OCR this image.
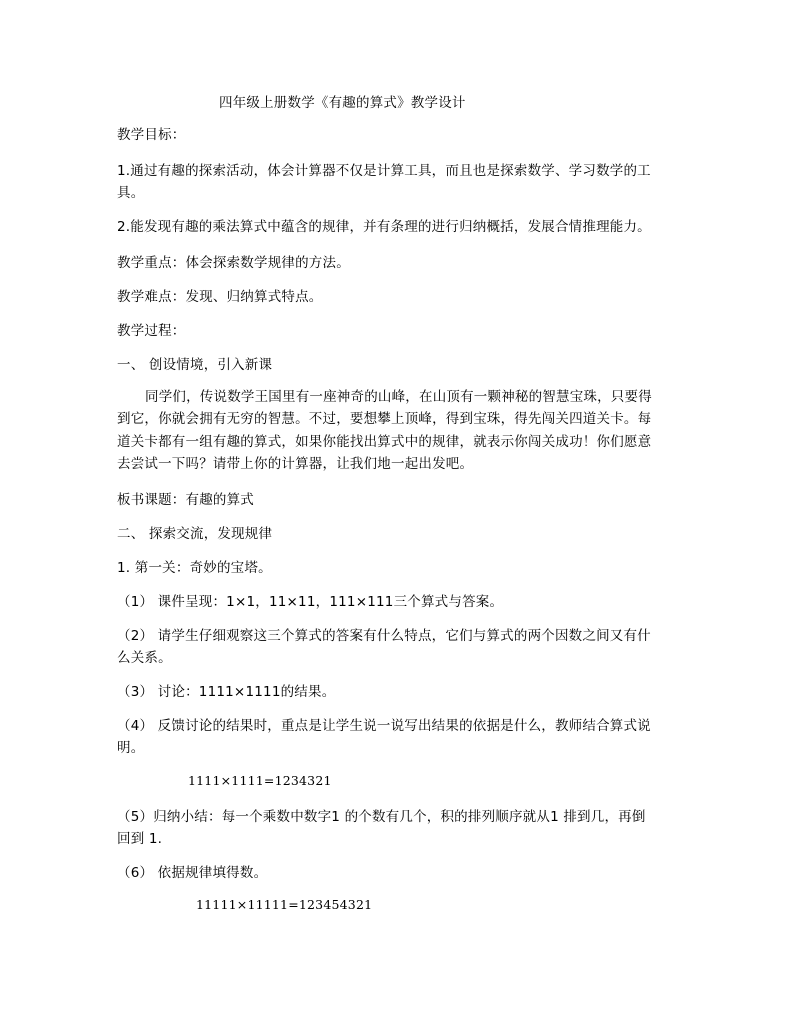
四年级上册数学《有趣的算式》教学设计

教学目标：

1.通过有趣的探索活动，体会计算器不仅是计算工具，而且也是探索数学、学习数学的工

具。

2.能发现有趣的乘法算式中蕴含的规律，并有条理的进行归纳概括，发展合情推理能力。

教学重点：体会探索数学规律的方法。

教学难点：发现、归纳算式特点。

教学过程：

一、 创设情境，引入新课

同学们，传说数学王国里有一座神奇的山峰，在山顶有一颗神秘的智慧宝珠，只要得

到它，你就会拥有无穷的智慧。不过，要想攀上顶峰，得到宝珠，得先闯关四道关卡。每

道关卡都有一组有趣的算式，如果你能找出算式中的规律，就表示你闯关成功！你们愿意

去尝试一下吗？请带上你的计算器，让我们地一起出发吧。

板书课题：有趣的算式

二、 探索交流，发现规律

1. 第一关：奇妙的宝塔。

（1） 课件呈现：1×1，11×11，111×111三个算式与答案。

（2） 请学生仔细观察这三个算式的答案有什么特点，它们与算式的两个因数之间又有什

么关系。

（3） 讨论：1111×1111的结果。

（4） 反馈讨论的结果时，重点是让学生说一说写出结果的依据是什么，教师结合算式说

明。

1111×1111=1234321

（5）归纳小结：每一个乘数中数字1 的个数有几个，积的排列顺序就从1 排到几，再倒

回到 1.

（6） 依据规律填得数。

11111×11111=123454321
